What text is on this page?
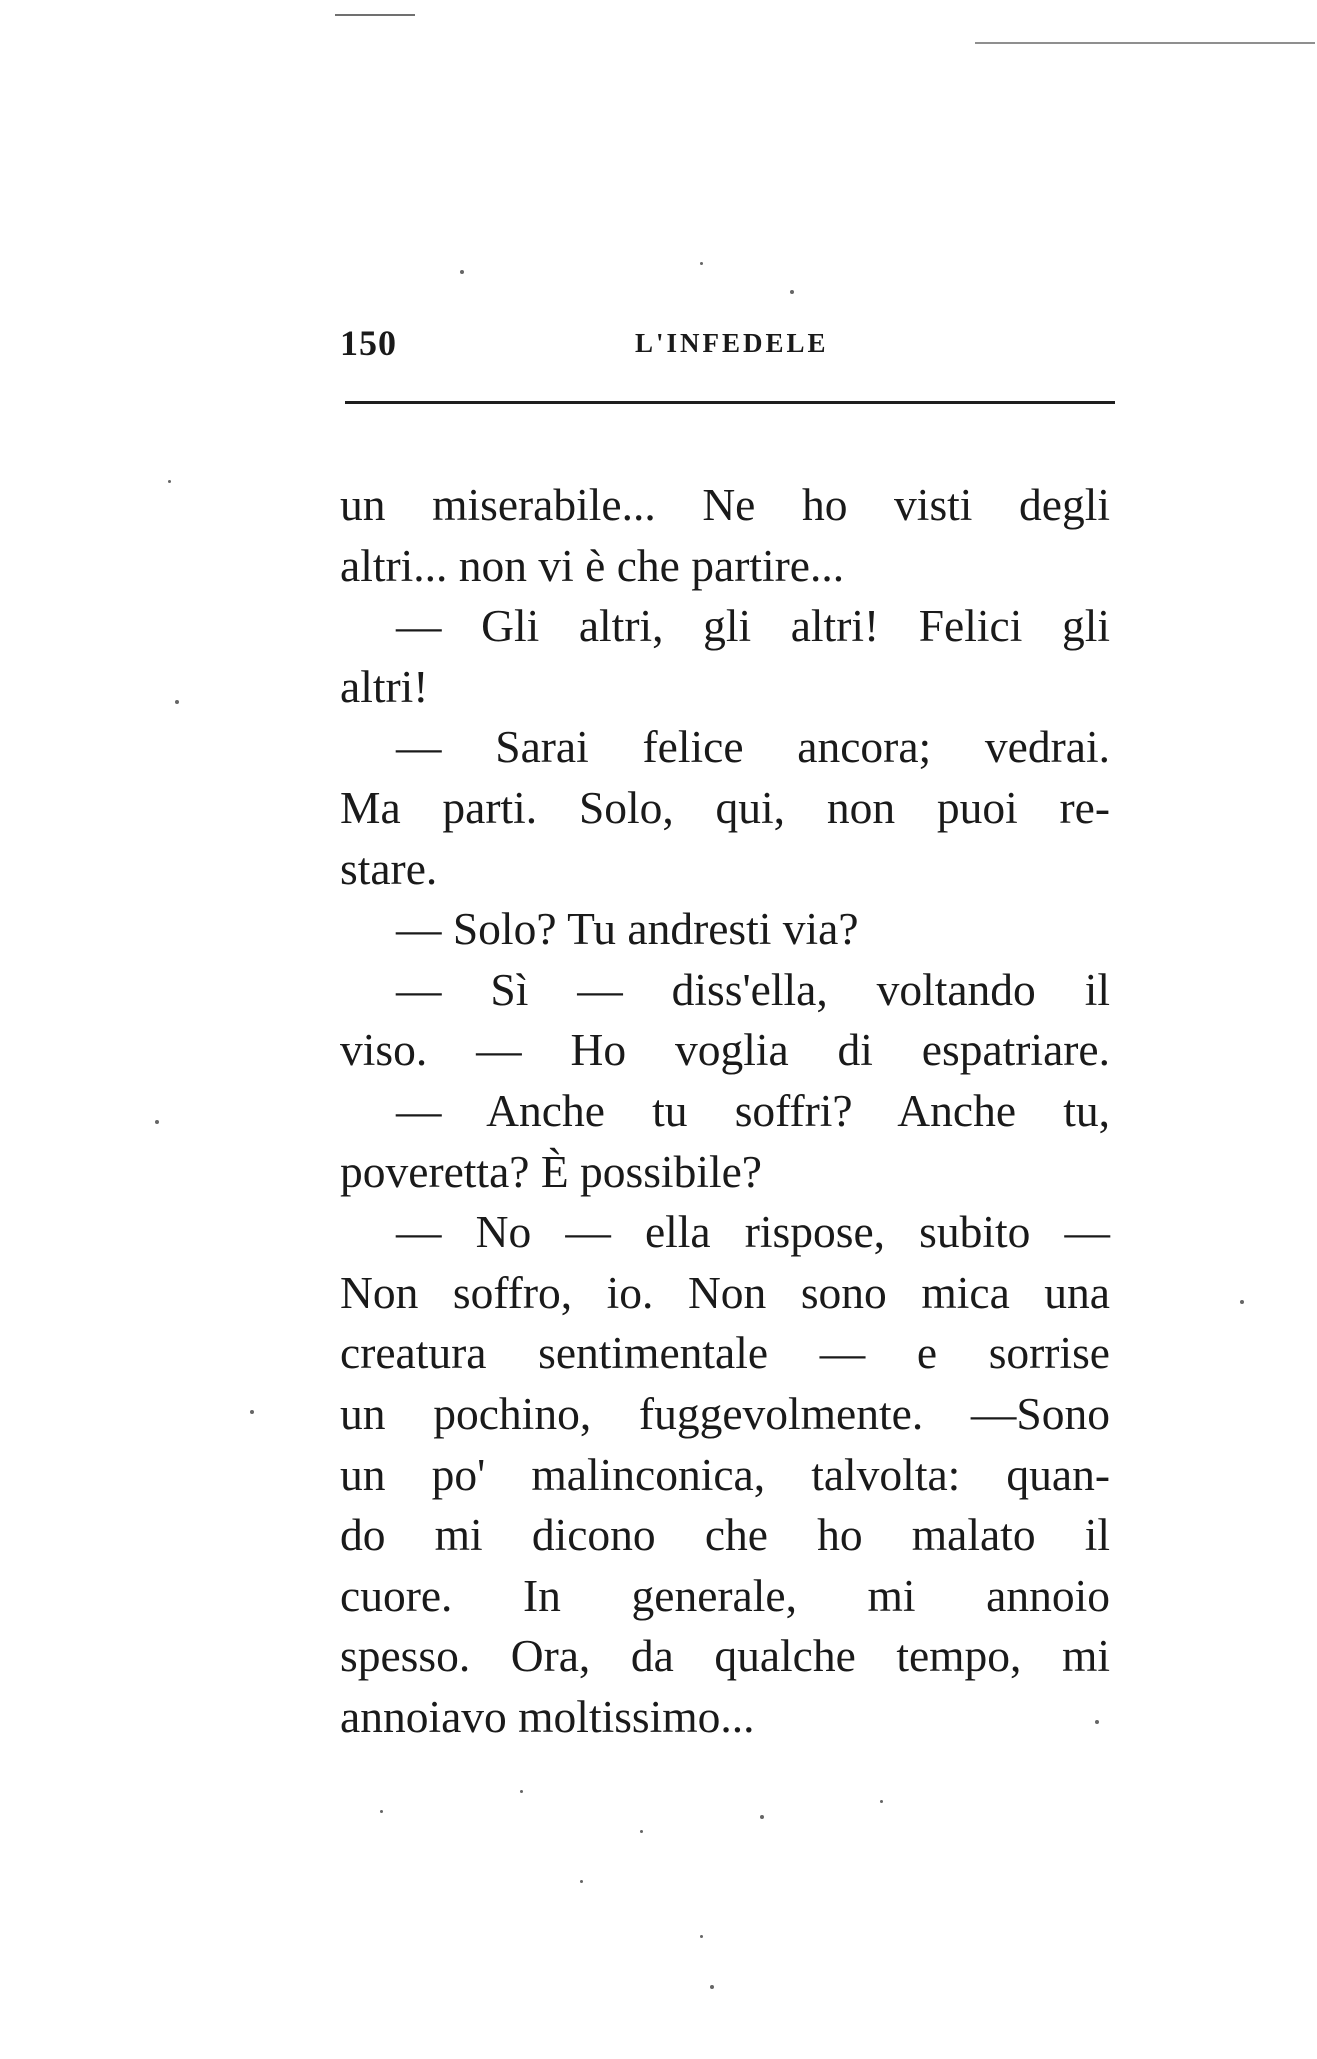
150	L'INFEDELE
un miserabile... Ne ho visti degli
altri... non vi è che partire...
— Gli altri, gli altri! Felici gli
altri!
— Sarai felice ancora; vedrai.
Ma parti. Solo, qui, non puoi re-
stare.
— Solo? Tu andresti via?
— Sì — diss'ella, voltando il
viso. — Ho voglia di espatriare.
— Anche tu soffri? Anche tu,
poveretta? È possibile?
— No — ella rispose, subito —
Non soffro, io. Non sono mica una
creatura sentimentale — e sorrise
un pochino, fuggevolmente. —Sono
un po' malinconica, talvolta: quan-
do mi dicono che ho malato il
cuore. In generale, mi annoio
spesso. Ora, da qualche tempo, mi
annoiavo moltissimo...
